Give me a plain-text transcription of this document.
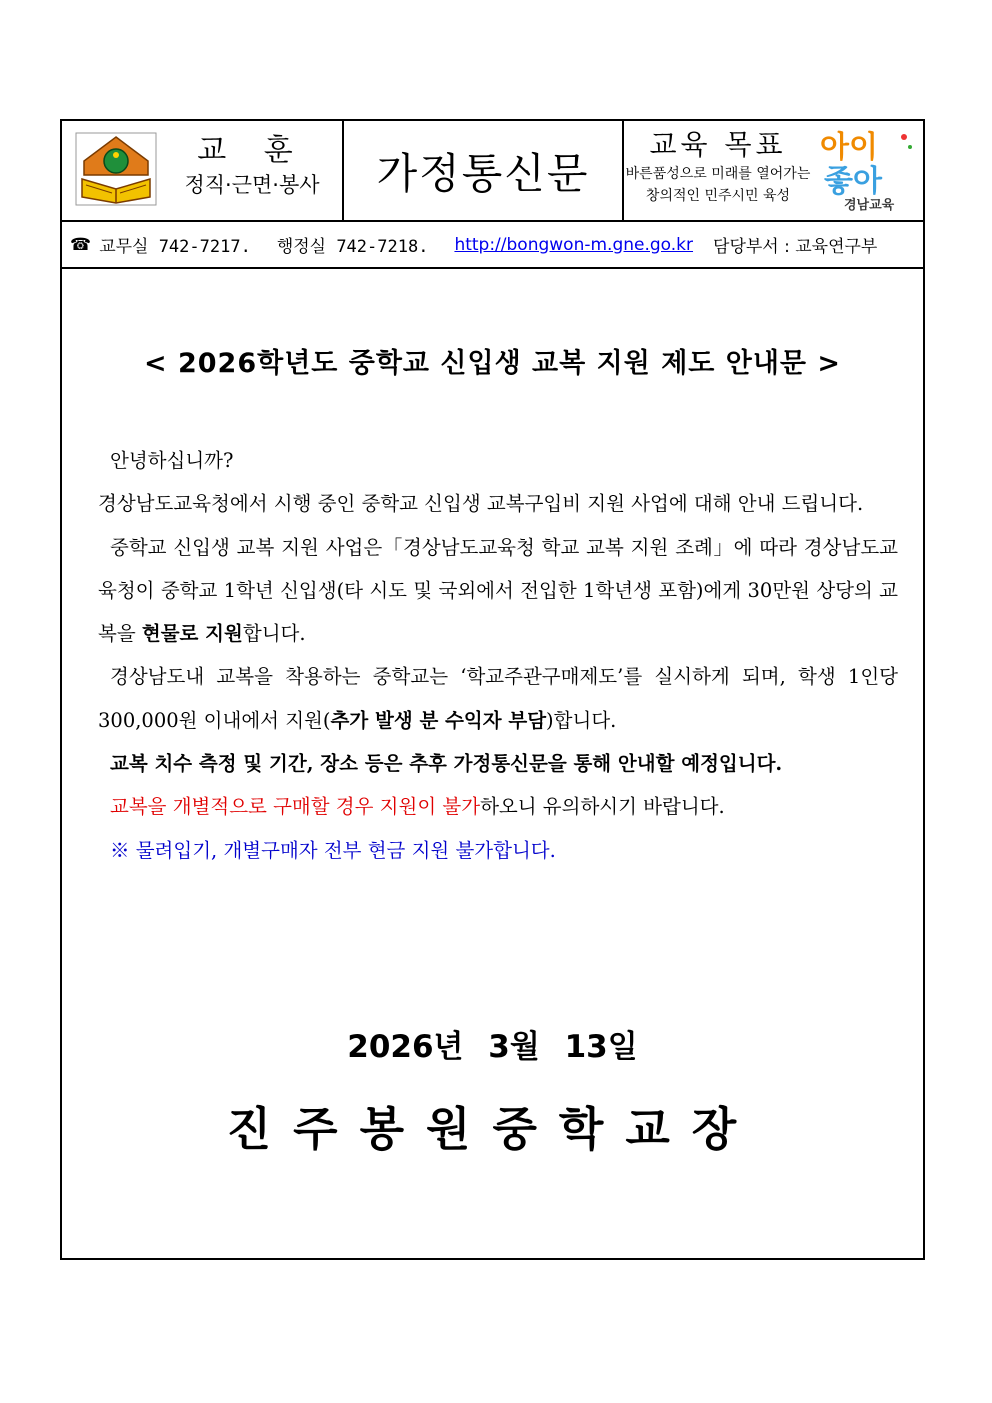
교 훈
정직·근면·봉사 가정통신문
교육 목표
바른품성으로 미래를 열어가는
창의적인 민주시민 육성
아이
좋아
경남교육
☎ 교무실 742-7217. 행정실 742-7218. http://bongwon-m.gne.go.kr 담당부서 : 교육연구부
< 2026학년도 중학교 신입생 교복 지원 제도 안내문 >

안녕하십니까?

경상남도교육청에서 시행 중인 중학교 신입생 교복구입비 지원 사업에 대해 안내 드립니다.

중학교 신입생 교복 지원 사업은「경상남도교육청 학교 교복 지원 조례」에 따라 경상남도교육청이 중학교 1학년 신입생(타 시도 및 국외에서 전입한 1학년생 포함)에게 30만원 상당의 교복을 현물로 지원합니다.

경상남도내 교복을 착용하는 중학교는 ‘학교주관구매제도’를 실시하게 되며, 학생 1인당 300,000원 이내에서 지원(추가 발생 분 수익자 부담)합니다.

교복 치수 측정 및 기간, 장소 등은 추후 가정통신문을 통해 안내할 예정입니다.

교복을 개별적으로 구매할 경우 지원이 불가하오니 유의하시기 바랍니다.

※ 물려입기, 개별구매자 전부 현금 지원 불가합니다.

2026년 3월 13일
진주봉원중학교장
